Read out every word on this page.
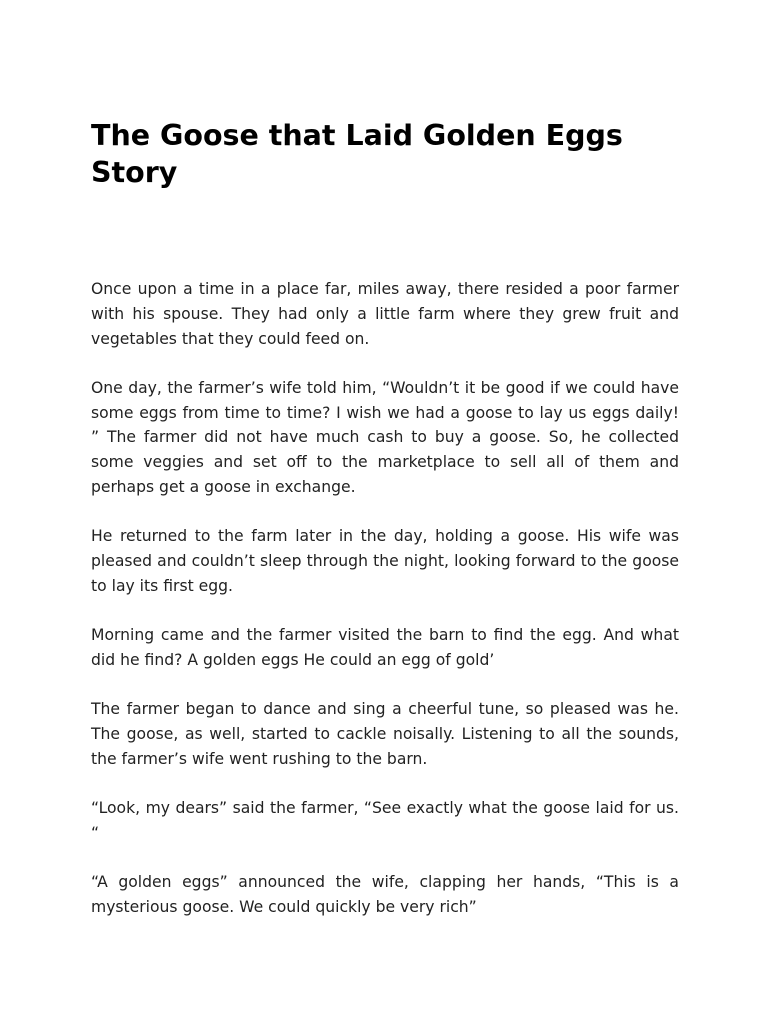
The Goose that Laid Golden Eggs Story

Once upon a time in a place far, miles away, there resided a poor farmer with his spouse. They had only a little farm where they grew fruit and vegetables that they could feed on.

One day, the farmer’s wife told him, “Wouldn’t it be good if we could have some eggs from time to time? I wish we had a goose to lay us eggs daily! ” The farmer did not have much cash to buy a goose. So, he collected some veggies and set off to the marketplace to sell all of them and perhaps get a goose in exchange.

He returned to the farm later in the day, holding a goose. His wife was pleased and couldn’t sleep through the night, looking forward to the goose to lay its first egg.

Morning came and the farmer visited the barn to find the egg. And what did he find? A golden eggs He could an egg of gold’

The farmer began to dance and sing a cheerful tune, so pleased was he. The goose, as well, started to cackle noisally. Listening to all the sounds, the farmer’s wife went rushing to the barn.

“Look, my dears” said the farmer, “See exactly what the goose laid for us. “

“A golden eggs” announced the wife, clapping her hands, “This is a mysterious goose. We could quickly be very rich”
